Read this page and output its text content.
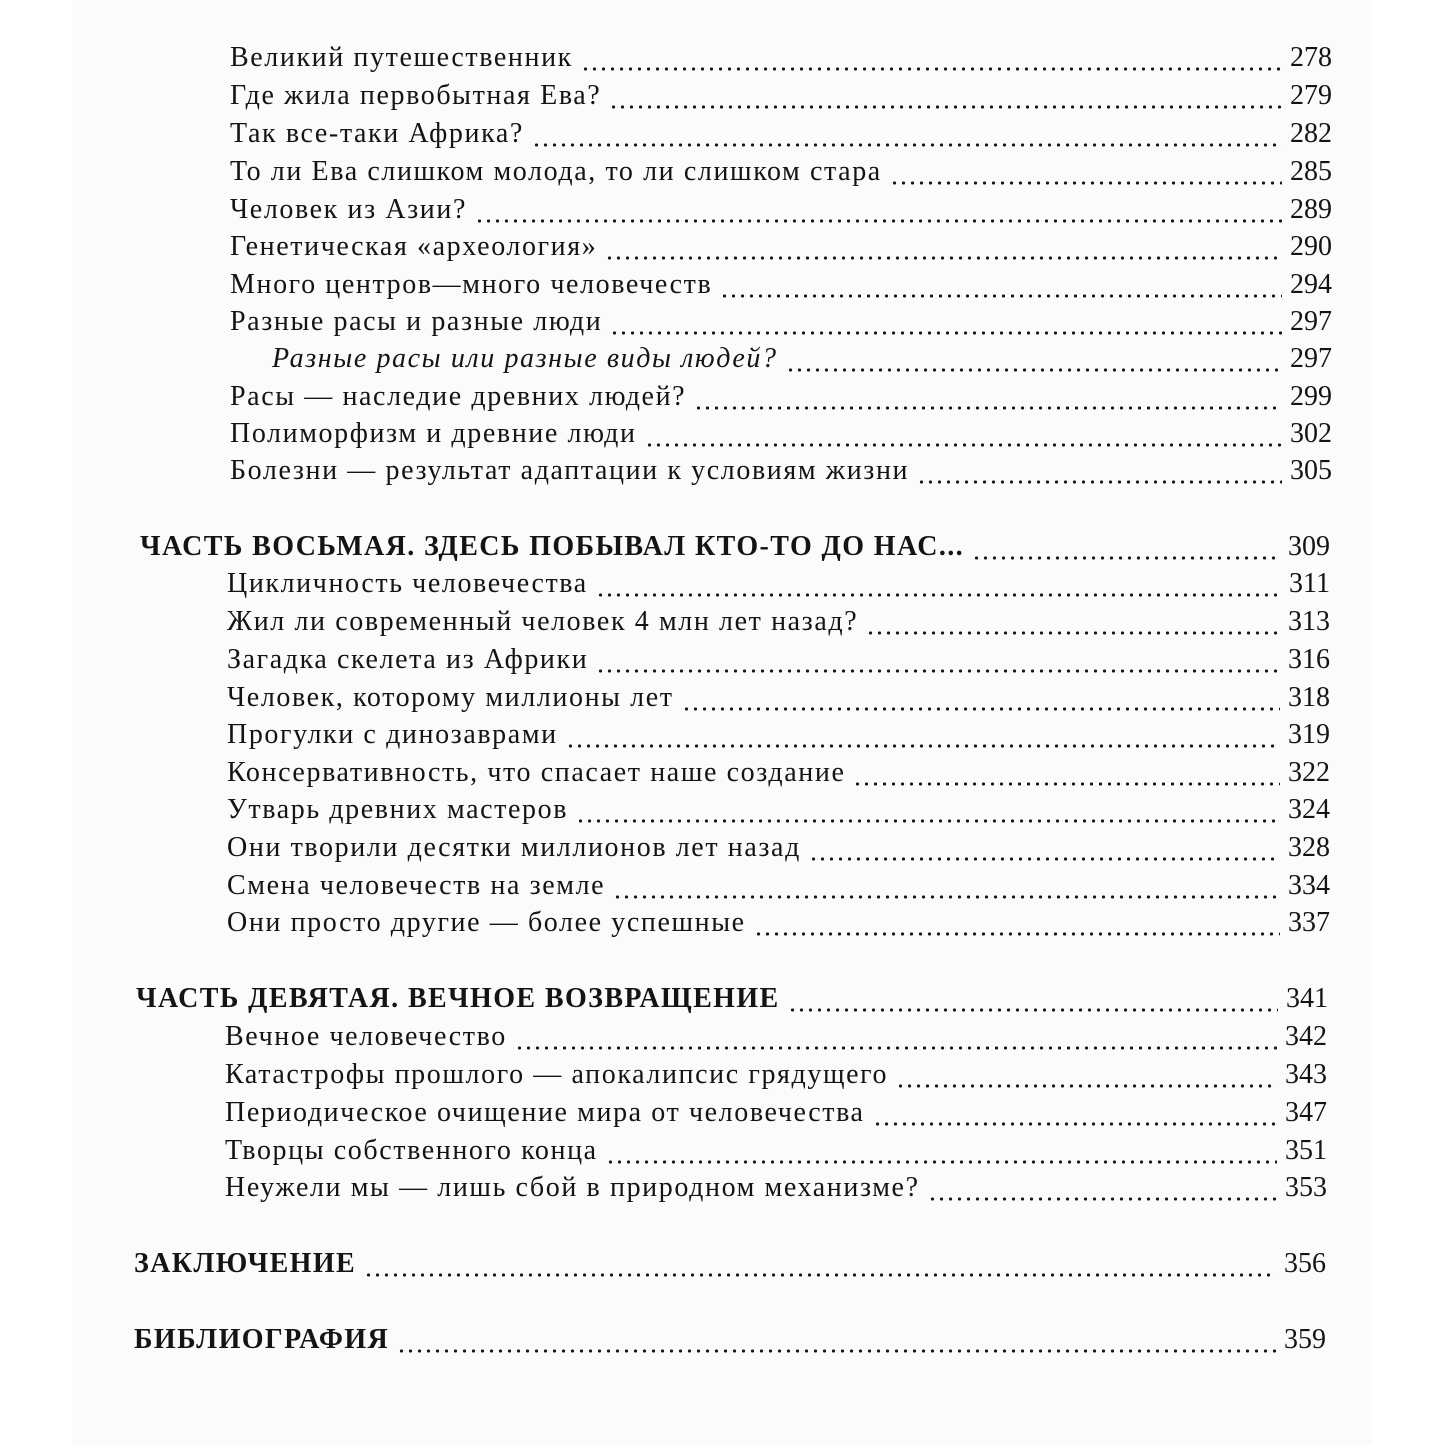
Великий путешественник	278
Где жила первобытная Ева?	279
Так все-таки Африка?	282
То ли Ева слишком молода, то ли слишком стара	285
Человек из Азии?	289
Генетическая «археология»	290
Много центров—много человечеств	294
Разные расы и разные люди	297
Разные расы или разные виды людей?	297
Расы — наследие древних людей?	299
Полиморфизм и древние люди	302
Болезни — результат адаптации к условиям жизни	305
ЧАСТЬ ВОСЬМАЯ. ЗДЕСЬ ПОБЫВАЛ КТО-ТО ДО НАС...	309
Цикличность человечества	311
Жил ли современный человек 4 млн лет назад?	313
Загадка скелета из Африки	316
Человек, которому миллионы лет	318
Прогулки с динозаврами	319
Консервативность, что спасает наше создание	322
Утварь древних мастеров	324
Они творили десятки миллионов лет назад	328
Смена человечеств на земле	334
Они просто другие — более успешные	337
ЧАСТЬ ДЕВЯТАЯ. ВЕЧНОЕ ВОЗВРАЩЕНИЕ	341
Вечное человечество	342
Катастрофы прошлого — апокалипсис грядущего	343
Периодическое очищение мира от человечества	347
Творцы собственного конца	351
Неужели мы — лишь сбой в природном механизме?	353
ЗАКЛЮЧЕНИЕ	356
БИБЛИОГРАФИЯ	359
